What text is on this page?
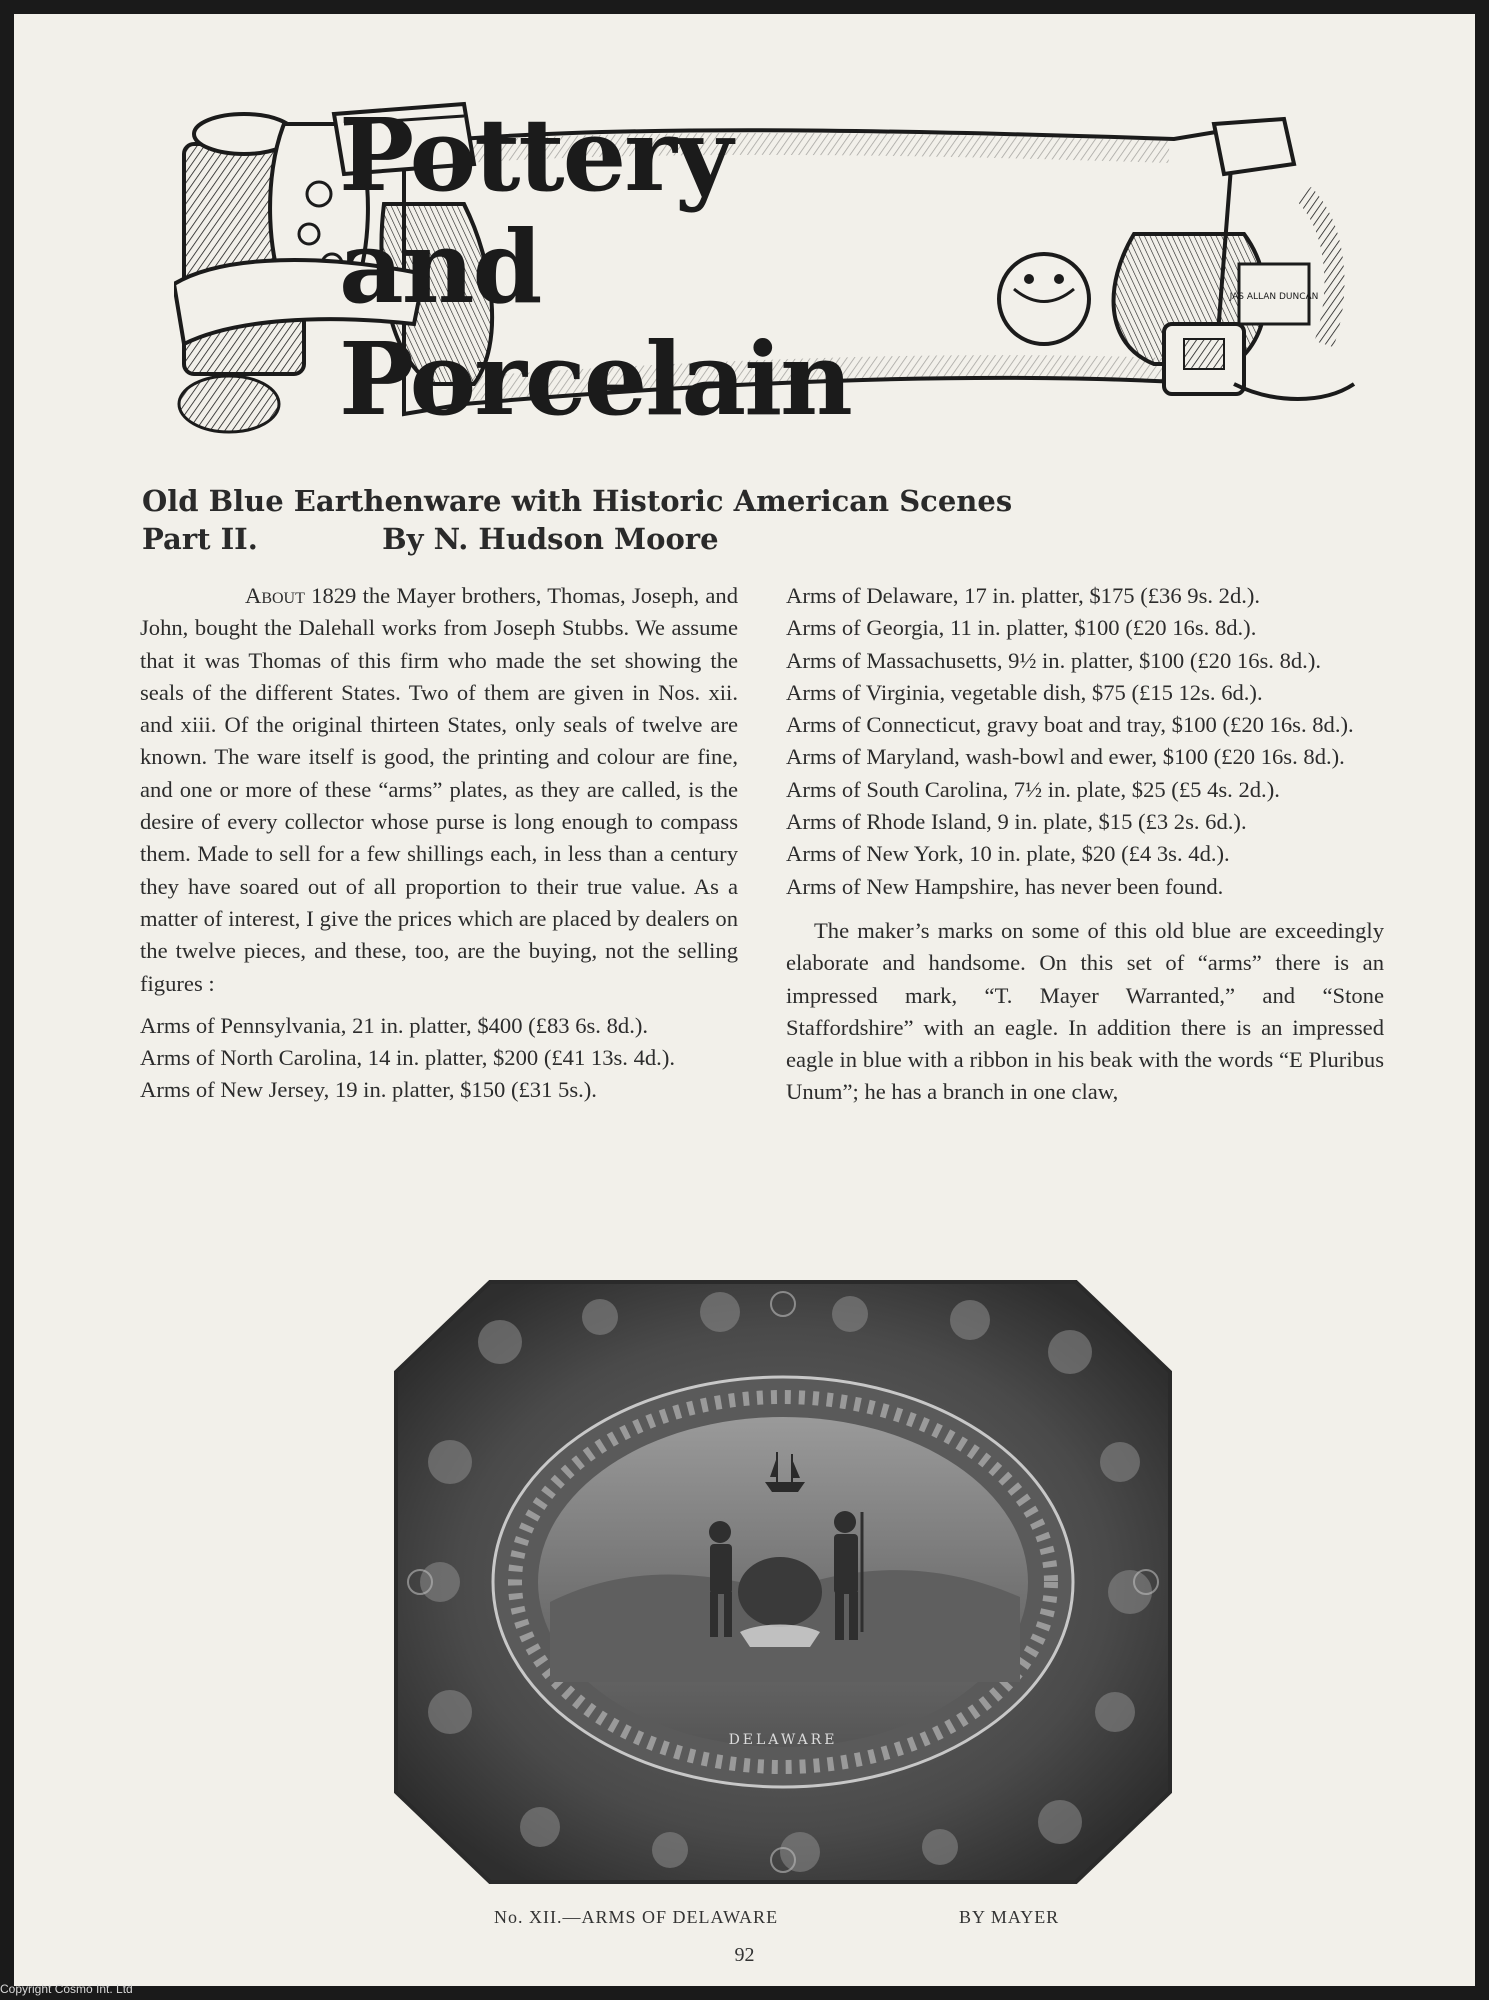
JAS ALLAN DUNCAN
Pottery and
Porcelain
Old Blue Earthenware with Historic American Scenes
Part II.	By N. Hudson Moore

About 1829 the Mayer brothers, Thomas, Joseph, and John, bought the Dalehall works from Joseph Stubbs. We assume that it was Thomas of this firm who made the set showing the seals of the different States. Two of them are given in Nos. xii. and xiii. Of the original thirteen States, only seals of twelve are known. The ware itself is good, the printing and colour are fine, and one or more of these “arms” plates, as they are called, is the desire of every collector whose purse is long enough to compass them. Made to sell for a few shillings each, in less than a century they have soared out of all proportion to their true value. As a matter of interest, I give the prices which are placed by dealers on the twelve pieces, and these, too, are the buying, not the selling figures :

Arms of Pennsylvania, 21 in. platter, $400 (£83 6s. 8d.).
Arms of North Carolina, 14 in. platter, $200 (£41 13s. 4d.).
Arms of New Jersey, 19 in. platter, $150 (£31 5s.).
Arms of Delaware, 17 in. platter, $175 (£36 9s. 2d.).
Arms of Georgia, 11 in. platter, $100 (£20 16s. 8d.).
Arms of Massachusetts, 9½ in. platter, $100 (£20 16s. 8d.).
Arms of Virginia, vegetable dish, $75 (£15 12s. 6d.).
Arms of Connecticut, gravy boat and tray, $100 (£20 16s. 8d.).
Arms of Maryland, wash-bowl and ewer, $100 (£20 16s. 8d.).
Arms of South Carolina, 7½ in. plate, $25 (£5 4s. 2d.).
Arms of Rhode Island, 9 in. plate, $15 (£3 2s. 6d.).
Arms of New York, 10 in. plate, $20 (£4 3s. 4d.).
Arms of New Hampshire, has never been found.

The maker’s marks on some of this old blue are exceedingly elaborate and handsome. On this set of “arms” there is an impressed mark, “T. Mayer Warranted,” and “Stone Staffordshire” with an eagle. In addition there is an impressed eagle in blue with a ribbon in his beak with the words “E Pluribus Unum”; he has a branch in one claw,

DELAWARE
No. XII.—ARMS OF DELAWARE	BY MAYER
92
Copyright Cosmo Int. Ltd
